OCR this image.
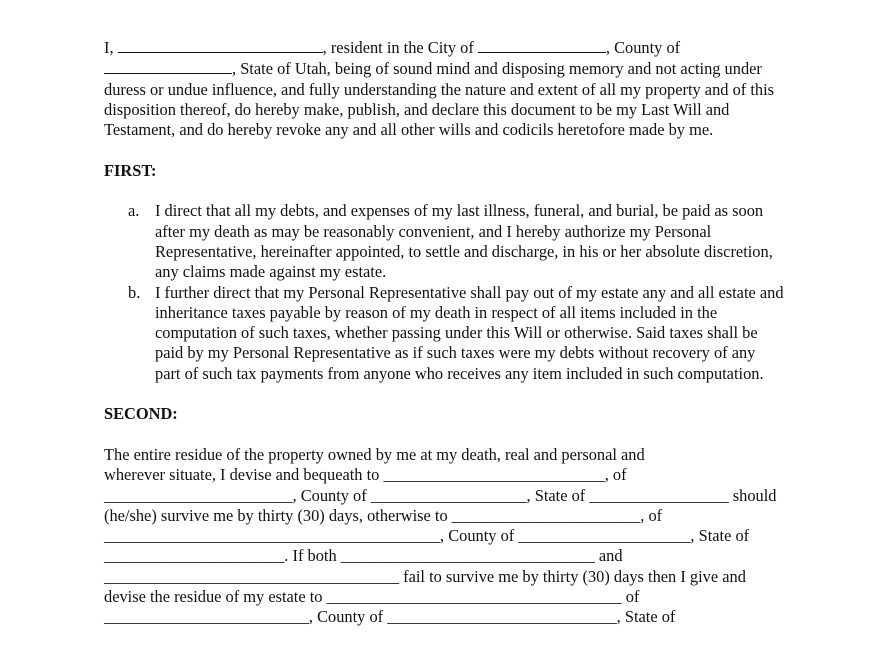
I,	, resident in the City of	, County of
, State of Utah, being of sound mind and disposing memory and not acting under duress or undue influence, and fully understanding the nature and extent of all my property and of this disposition thereof, do hereby make, publish, and declare this document to be my Last Will and Testament, and do hereby revoke any and all other wills and codicils heretofore made by me.

FIRST:

a. I direct that all my debts, and expenses of my last illness, funeral, and burial, be paid as soon after my death as may be reasonably convenient, and I hereby authorize my Personal Representative, hereinafter appointed, to settle and discharge, in his or her absolute discretion, any claims made against my estate.
b. I further direct that my Personal Representative shall pay out of my estate any and all estate and inheritance taxes payable by reason of my death in respect of all items included in the computation of such taxes, whether passing under this Will or otherwise. Said taxes shall be paid by my Personal Representative as if such taxes were my debts without recovery of any part of such tax payments from anyone who receives any item included in such computation.

SECOND:

The entire residue of the property owned by me at my death, real and personal and
wherever situate, I devise and bequeath to ___________________________, of
_______________________, County of ___________________, State of _________________ should
(he/she) survive me by thirty (30) days, otherwise to _______________________, of
_________________________________________, County of _____________________, State of
______________________. If both _______________________________ and
____________________________________ fail to survive me by thirty (30) days then I give and
devise the residue of my estate to ____________________________________ of
_________________________, County of ____________________________, State of
